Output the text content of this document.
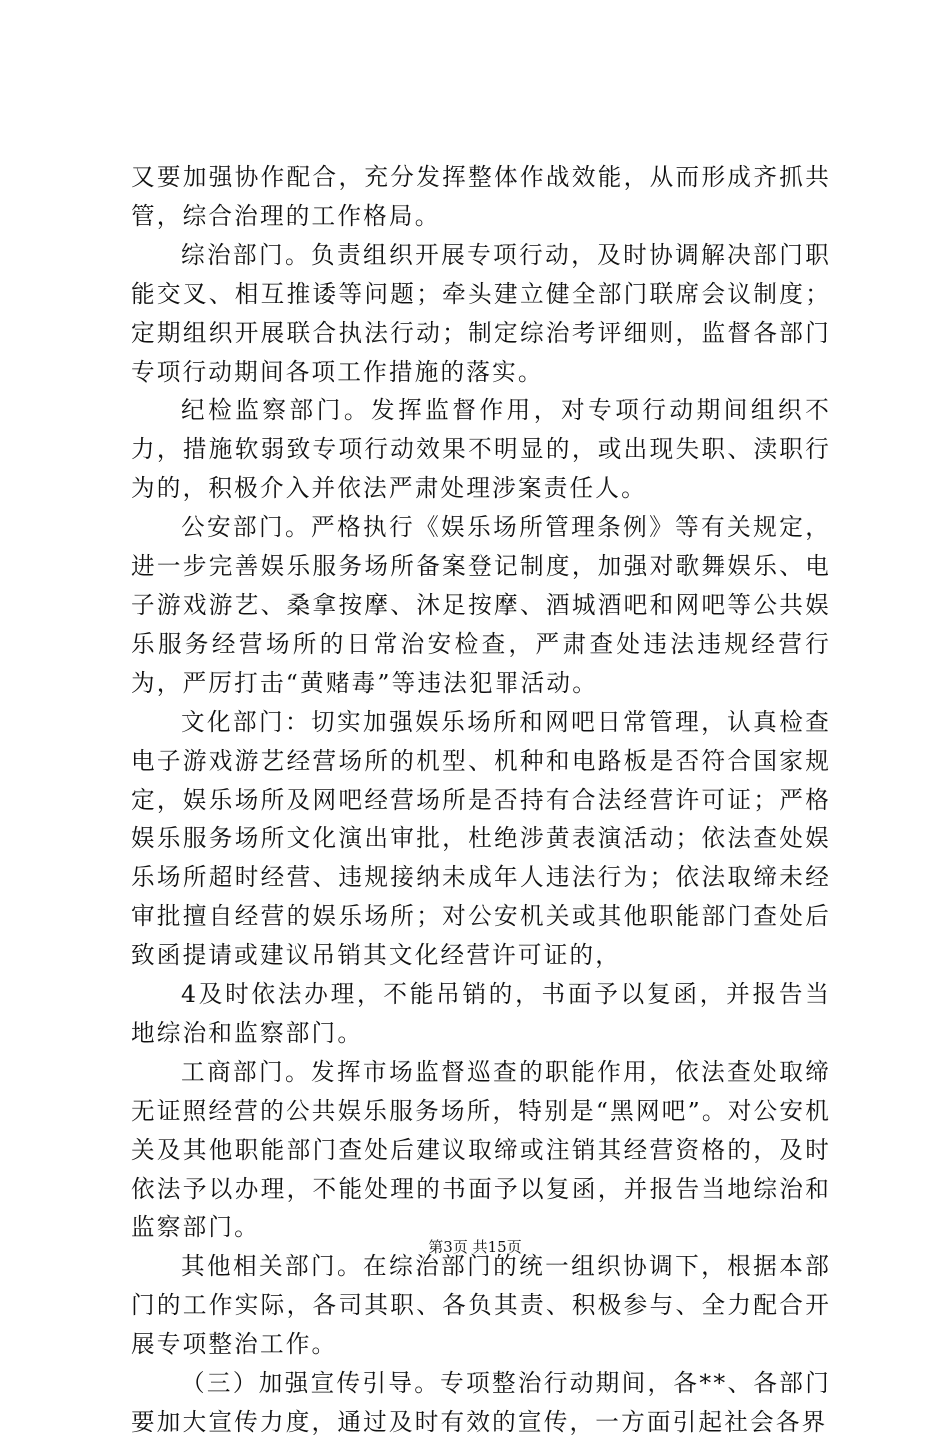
又要加强协作配合，充分发挥整体作战效能，从而形成齐抓共管，综合治理的工作格局。

综治部门。负责组织开展专项行动，及时协调解决部门职能交叉、相互推诿等问题；牵头建立健全部门联席会议制度；定期组织开展联合执法行动；制定综治考评细则，监督各部门专项行动期间各项工作措施的落实。

纪检监察部门。发挥监督作用，对专项行动期间组织不力，措施软弱致专项行动效果不明显的，或出现失职、渎职行为的，积极介入并依法严肃处理涉案责任人。

公安部门。严格执行《娱乐场所管理条例》等有关规定，进一步完善娱乐服务场所备案登记制度，加强对歌舞娱乐、电子游戏游艺、桑拿按摩、沐足按摩、酒城酒吧和网吧等公共娱乐服务经营场所的日常治安检查，严肃查处违法违规经营行为，严厉打击“黄赌毒”等违法犯罪活动。

文化部门：切实加强娱乐场所和网吧日常管理，认真检查电子游戏游艺经营场所的机型、机种和电路板是否符合国家规定，娱乐场所及网吧经营场所是否持有合法经营许可证；严格娱乐服务场所文化演出审批，杜绝涉黄表演活动；依法查处娱乐场所超时经营、违规接纳未成年人违法行为；依法取缔未经审批擅自经营的娱乐场所；对公安机关或其他职能部门查处后致函提请或建议吊销其文化经营许可证的，

4及时依法办理，不能吊销的，书面予以复函，并报告当地综治和监察部门。

工商部门。发挥市场监督巡查的职能作用，依法查处取缔无证照经营的公共娱乐服务场所，特别是“黑网吧”。对公安机关及其他职能部门查处后建议取缔或注销其经营资格的，及时依法予以办理，不能处理的书面予以复函，并报告当地综治和监察部门。

其他相关部门。在综治部门的统一组织协调下，根据本部门的工作实际，各司其职、各负其责、积极参与、全力配合开展专项整治工作。

（三）加强宣传引导。专项整治行动期间，各**、各部门要加大宣传力度，通过及时有效的宣传，一方面引起社会各界

第3页 共15页
